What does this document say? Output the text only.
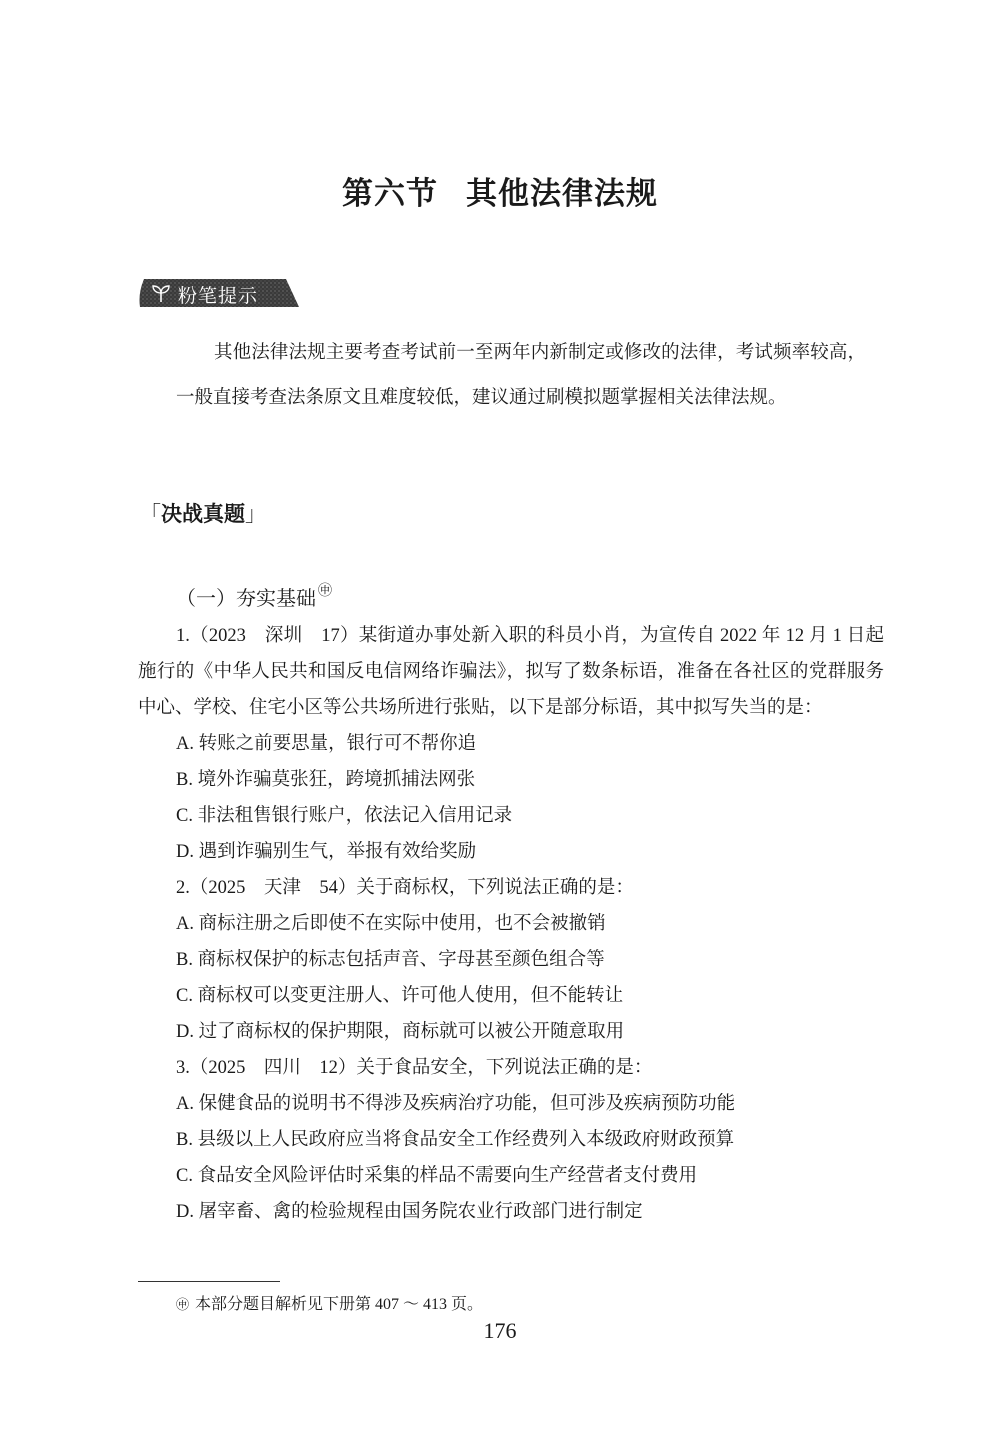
第六节 其他法律法规
粉笔提示

其他法律法规主要考查考试前一至两年内新制定或修改的法律，考试频率较高，一般直接考查法条原文且难度较低，建议通过刷模拟题掌握相关法律法规。

「决战真题」
（一）夯实基础 ㊥

1.（2023　深圳　17）某街道办事处新入职的科员小肖，为宣传自 2022 年 12 月 1 日起施行的《中华人民共和国反电信网络诈骗法》，拟写了数条标语，准备在各社区的党群服务中心、学校、住宅小区等公共场所进行张贴，以下是部分标语，其中拟写失当的是：

A. 转账之前要思量，银行可不帮你追

B. 境外诈骗莫张狂，跨境抓捕法网张

C. 非法租售银行账户，依法记入信用记录

D. 遇到诈骗别生气，举报有效给奖励

2.（2025　天津　54）关于商标权，下列说法正确的是：

A. 商标注册之后即使不在实际中使用，也不会被撤销

B. 商标权保护的标志包括声音、字母甚至颜色组合等

C. 商标权可以变更注册人、许可他人使用，但不能转让

D. 过了商标权的保护期限，商标就可以被公开随意取用

3.（2025　四川　12）关于食品安全，下列说法正确的是：

A. 保健食品的说明书不得涉及疾病治疗功能，但可涉及疾病预防功能

B. 县级以上人民政府应当将食品安全工作经费列入本级政府财政预算

C. 食品安全风险评估时采集的样品不需要向生产经营者支付费用

D. 屠宰畜、禽的检验规程由国务院农业行政部门进行制定

㊥ 本部分题目解析见下册第 407 ～ 413 页。
176
